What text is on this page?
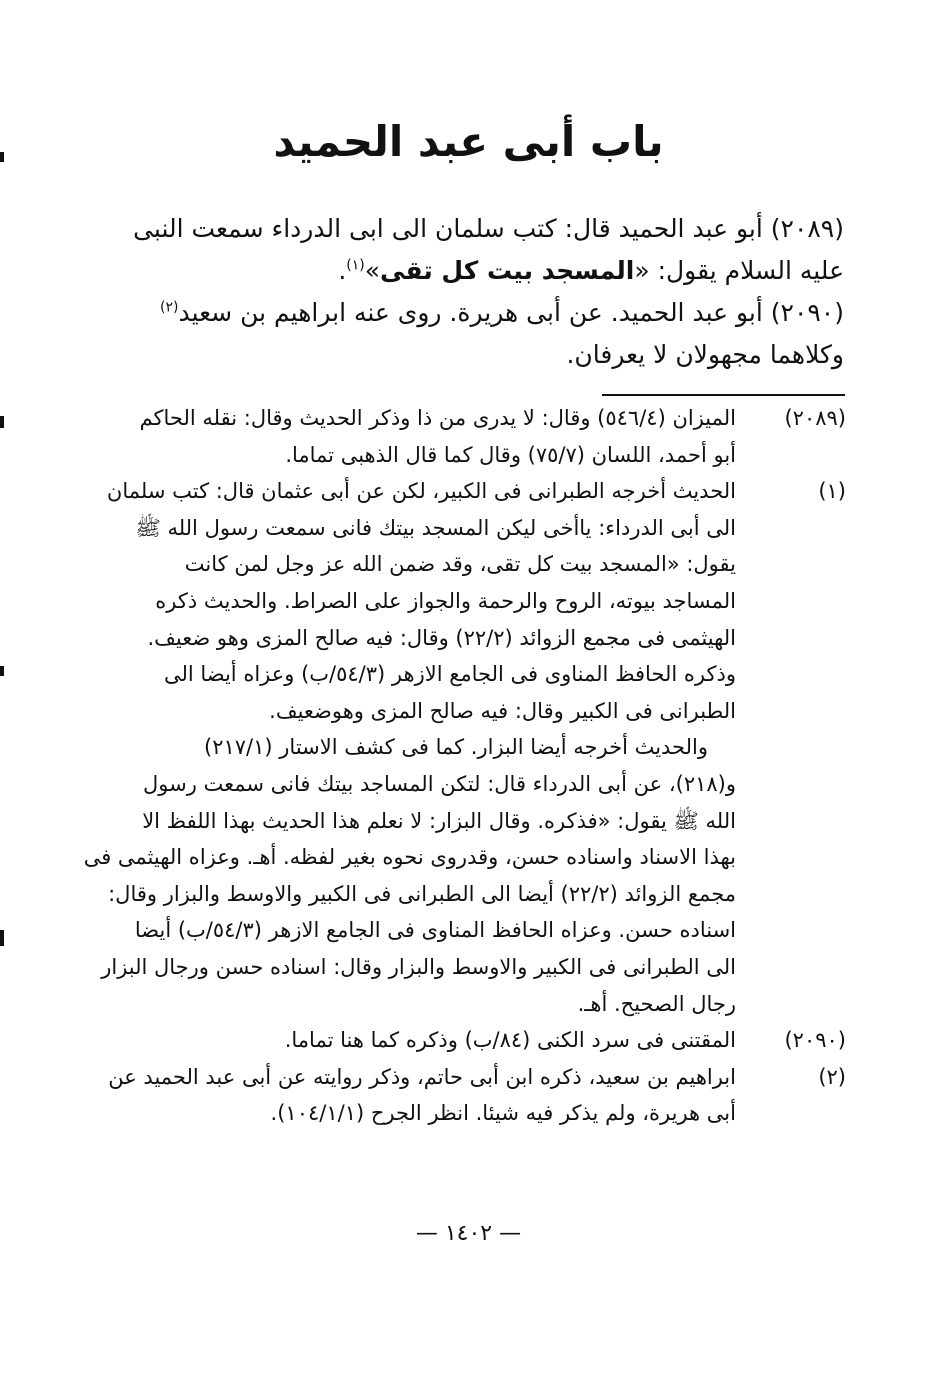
باب أبى عبد الحميد
(٢٠٨٩) أبو عبد الحميد قال: كتب سلمان الى ابى الدرداء سمعت النبى
عليه السلام يقول: «المسجد بيت كل تقى»$^{(١)}$.
(٢٠٩٠) أبو عبد الحميد. عن أبى هريرة. روى عنه ابراهيم بن سعيد$^{(٢)}$
وكلاهما مجهولان لا يعرفان.
(٢٠٨٩)
الميزان (٥٤٦/٤) وقال: لا يدرى من ذا وذكر الحديث وقال: نقله الحاكم
أبو أحمد، اللسان (٧٥/٧) وقال كما قال الذهبى تماما.
(١)
الحديث أخرجه الطبرانى فى الكبير، لكن عن أبى عثمان قال: كتب سلمان
الى أبى الدرداء: ياأخى ليكن المسجد بيتك فانى سمعت رسول الله ﷺ
يقول: «المسجد بيت كل تقى، وقد ضمن الله عز وجل لمن كانت
المساجد بيوته، الروح والرحمة والجواز على الصراط. والحديث ذكره
الهيثمى فى مجمع الزوائد (٢٢/٢) وقال: فيه صالح المزى وهو ضعيف.
وذكره الحافظ المناوى فى الجامع الازهر (٥٤/٣/ب) وعزاه أيضا الى
الطبرانى فى الكبير وقال: فيه صالح المزى وهوضعيف.
والحديث أخرجه أيضا البزار. كما فى كشف الاستار (٢١٧/١)
و(٢١٨)، عن أبى الدرداء قال: لتكن المساجد بيتك فانى سمعت رسول
الله ﷺ يقول: «فذكره. وقال البزار: لا نعلم هذا الحديث بهذا اللفظ الا
بهذا الاسناد واسناده حسن، وقدروى نحوه بغير لفظه. أهـ. وعزاه الهيثمى فى
مجمع الزوائد (٢٢/٢) أيضا الى الطبرانى فى الكبير والاوسط والبزار وقال:
اسناده حسن. وعزاه الحافظ المناوى فى الجامع الازهر (٥٤/٣/ب) أيضا
الى الطبرانى فى الكبير والاوسط والبزار وقال: اسناده حسن ورجال البزار
رجال الصحيح. أهـ.
(٢٠٩٠)
المقتنى فى سرد الكنى (٨٤/ب) وذكره كما هنا تماما.
(٢)
ابراهيم بن سعيد، ذكره ابن أبى حاتم، وذكر روايته عن أبى عبد الحميد عن
أبى هريرة، ولم يذكر فيه شيئا. انظر الجرح (١٠٤/١/١).
— ١٤٠٢ —
